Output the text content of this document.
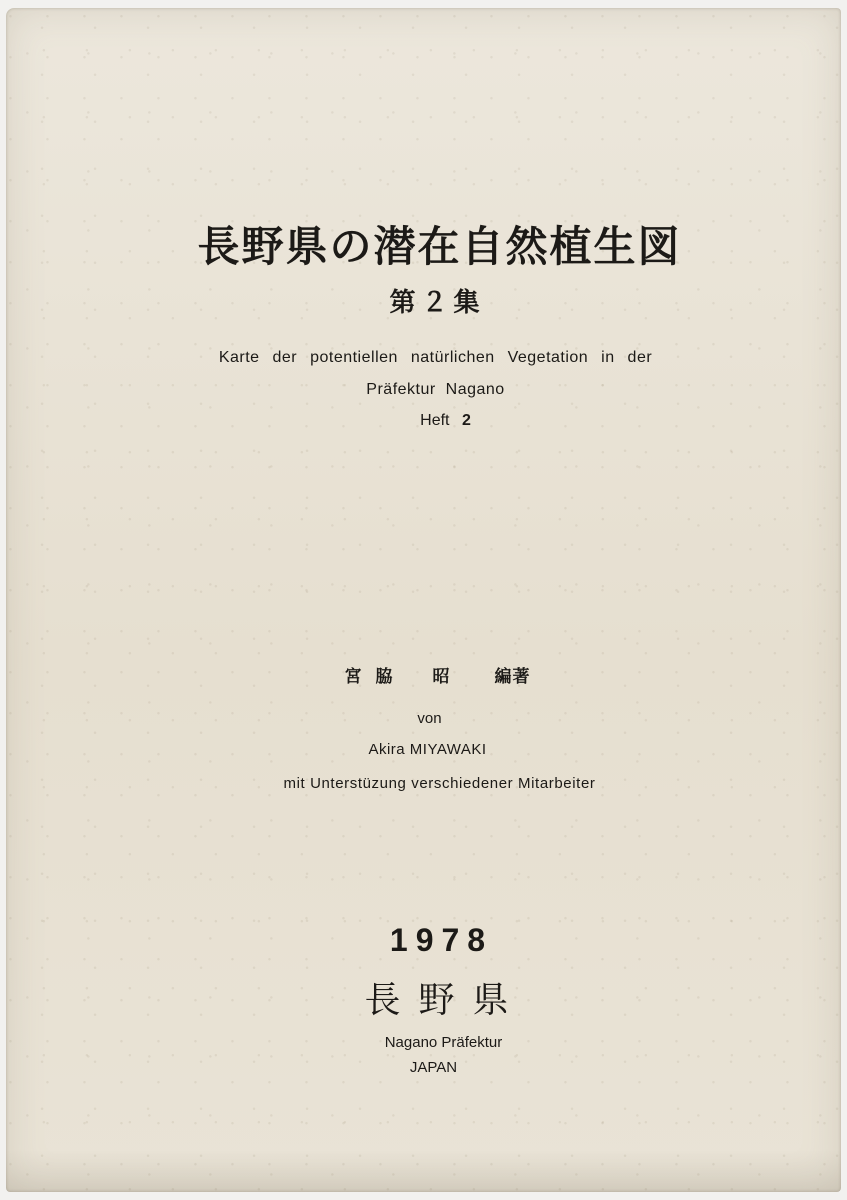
長野県の潜在自然植生図
第２集
Karte der potentiellen natürlichen Vegetation in der
Präfektur Nagano
Heft 2
宮脇 昭	編著
von
Akira MIYAWAKI
mit Unterstüzung verschiedener Mitarbeiter
1978
長野県
Nagano Präfektur
JAPAN
